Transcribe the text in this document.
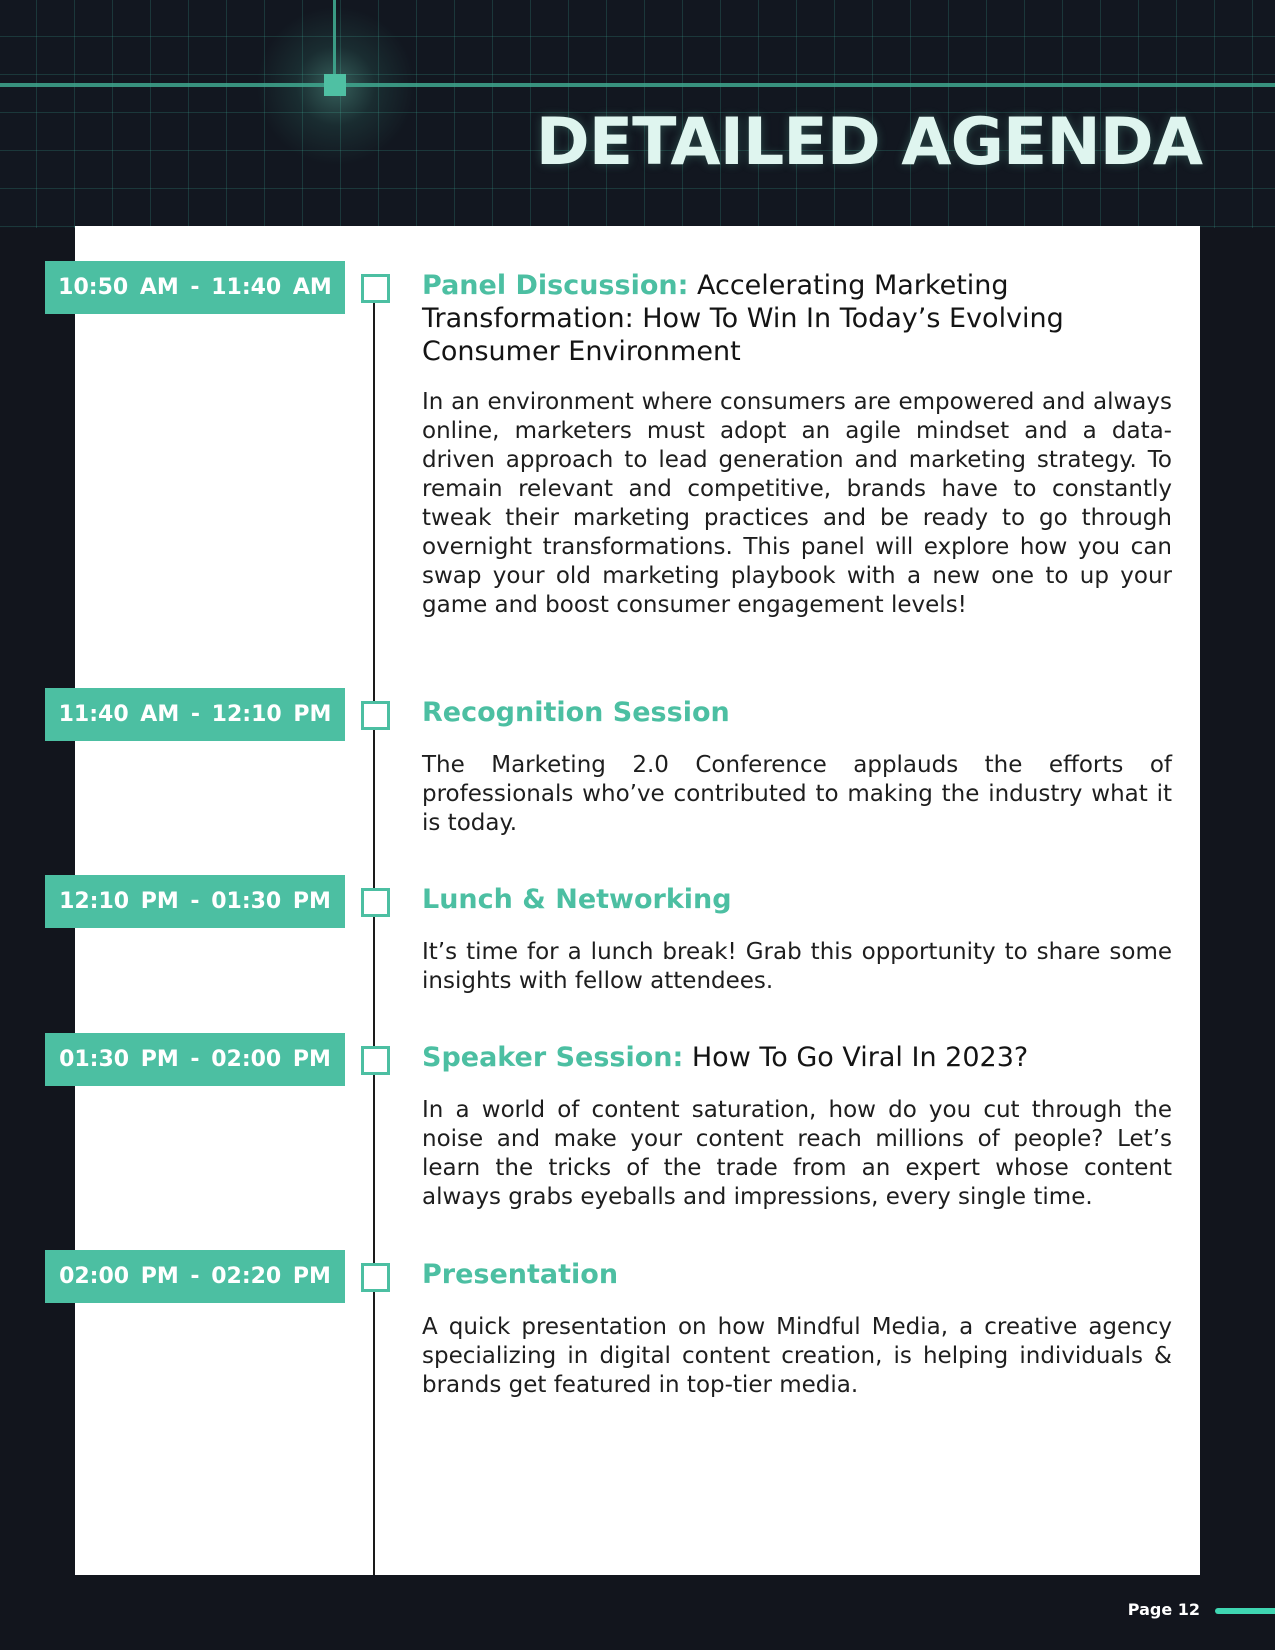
DETAILED AGENDA
10:50 AM - 11:40 AM	Panel Discussion: Accelerating Marketing Transformation: How To Win In Today’s Evolving Consumer Environment
In an environment where consumers are empowered and always online, marketers must adopt an agile mindset and a data-driven approach to lead generation and marketing strategy. To remain relevant and competitive, brands have to constantly tweak their marketing practices and be ready to go through overnight transformations. This panel will explore how you can swap your old marketing playbook with a new one to up your game and boost consumer engagement levels!
11:40 AM - 12:10 PM	Recognition Session
The Marketing 2.0 Conference applauds the efforts of professionals who’ve contributed to making the industry what it is today.
12:10 PM - 01:30 PM	Lunch & Networking
It’s time for a lunch break! Grab this opportunity to share some insights with fellow attendees.
01:30 PM - 02:00 PM	Speaker Session: How To Go Viral In 2023?
In a world of content saturation, how do you cut through the noise and make your content reach millions of people? Let’s learn the tricks of the trade from an expert whose content always grabs eyeballs and impressions, every single time.
02:00 PM - 02:20 PM	Presentation
A quick presentation on how Mindful Media, a creative agency specializing in digital content creation, is helping individuals & brands get featured in top-tier media.
Page 12
